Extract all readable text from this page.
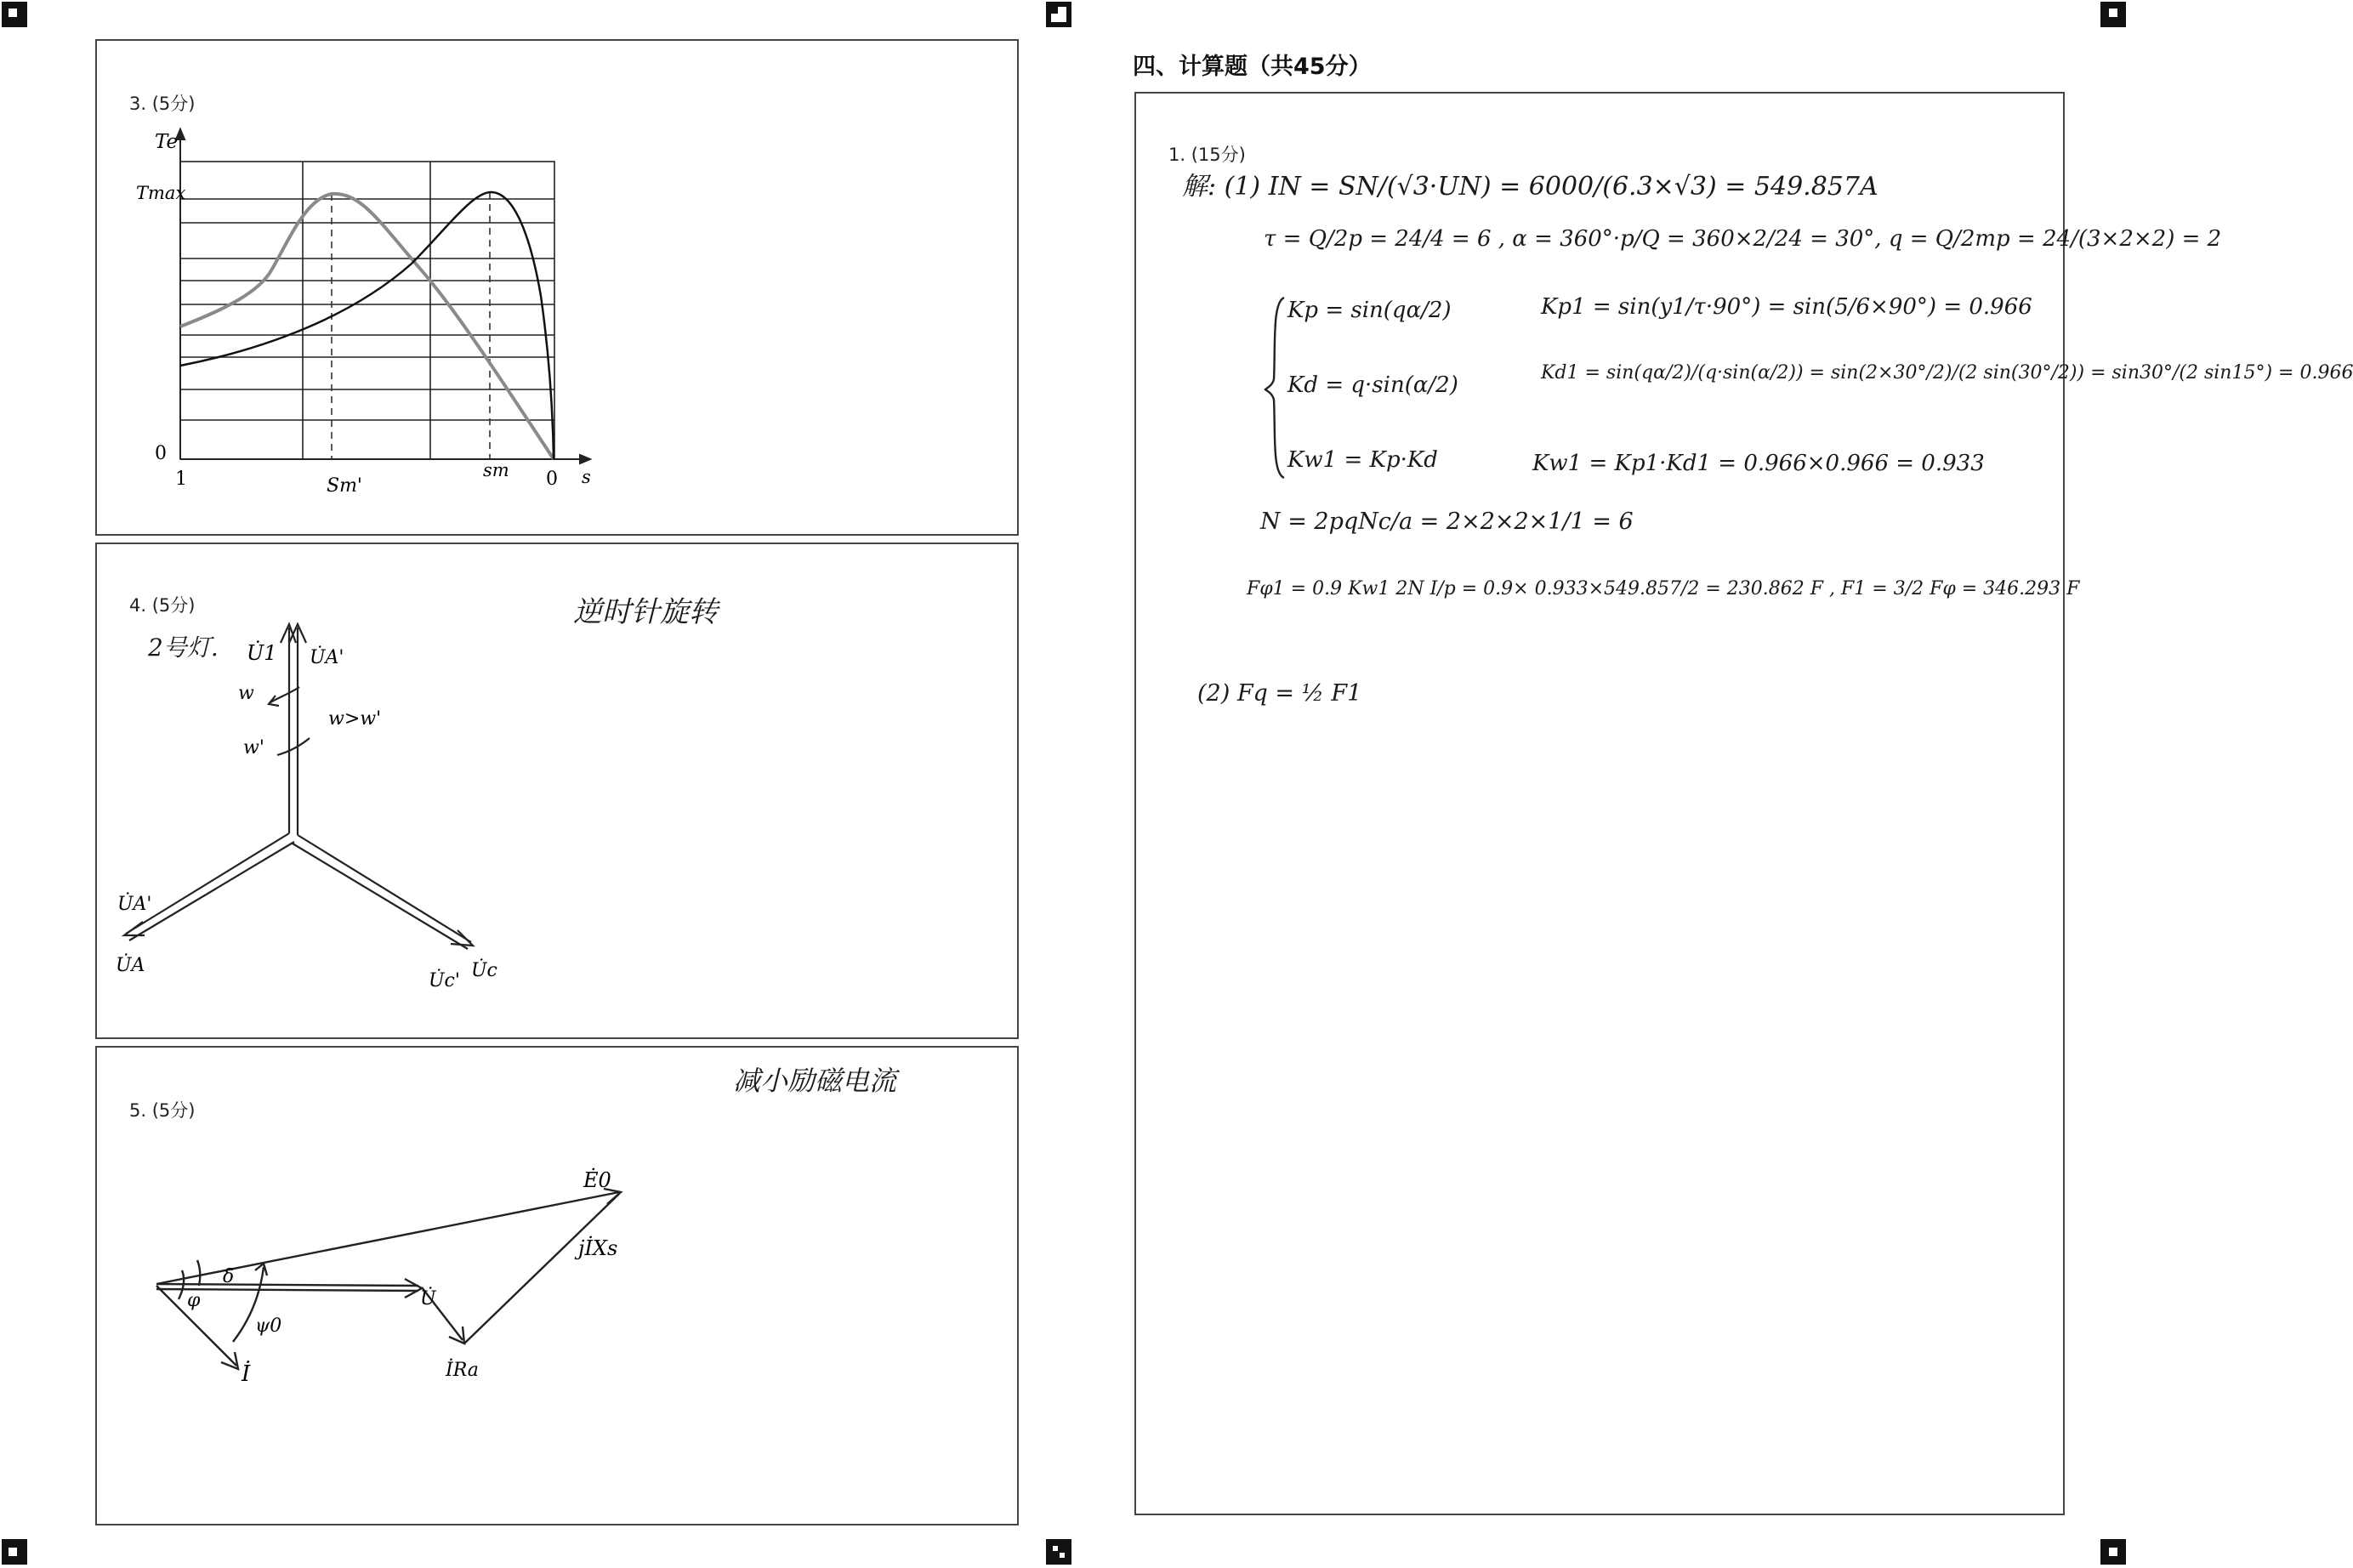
3. (5分)
Te
Tmax
0
1	Sm'
sm 0 s
4. (5分)	逆时针旋转
2号灯. U̇1 U̇A'
w
w>w'
w'
U̇A'
U̇A
U̇c' U̇c
5. (5分)
减小励磁电流
Ė0
jİXs
U̇
δ
φ
ψ0
İ	İRa
四、计算题（共45分）
1. (15分)
解: (1) IN = SN/(√3·UN) = 6000/(6.3×√3) = 549.857A
τ = Q/2p = 24/4 = 6 , α = 360°·p/Q = 360×2/24 = 30°, q = Q/2mp = 24/(3×2×2) = 2
Kp = sin(qα/2)	Kp1 = sin(y1/τ·90°) = sin(5/6×90°) = 0.966
Kd = q·sin(α/2)	Kd1 = sin(qα/2)/(q·sin(α/2)) = sin(2×30°/2)/(2 sin(30°/2)) = sin30°/(2 sin15°) = 0.966
Kw1 = Kp·Kd	Kw1 = Kp1·Kd1 = 0.966×0.966 = 0.933
N = 2pqNc/a = 2×2×2×1/1 = 6
Fφ1 = 0.9 Kw1 2N I/p = 0.9× 0.933×549.857/2 = 230.862 F , F1 = 3/2 Fφ = 346.293 F
(2) Fq = ½ F1
